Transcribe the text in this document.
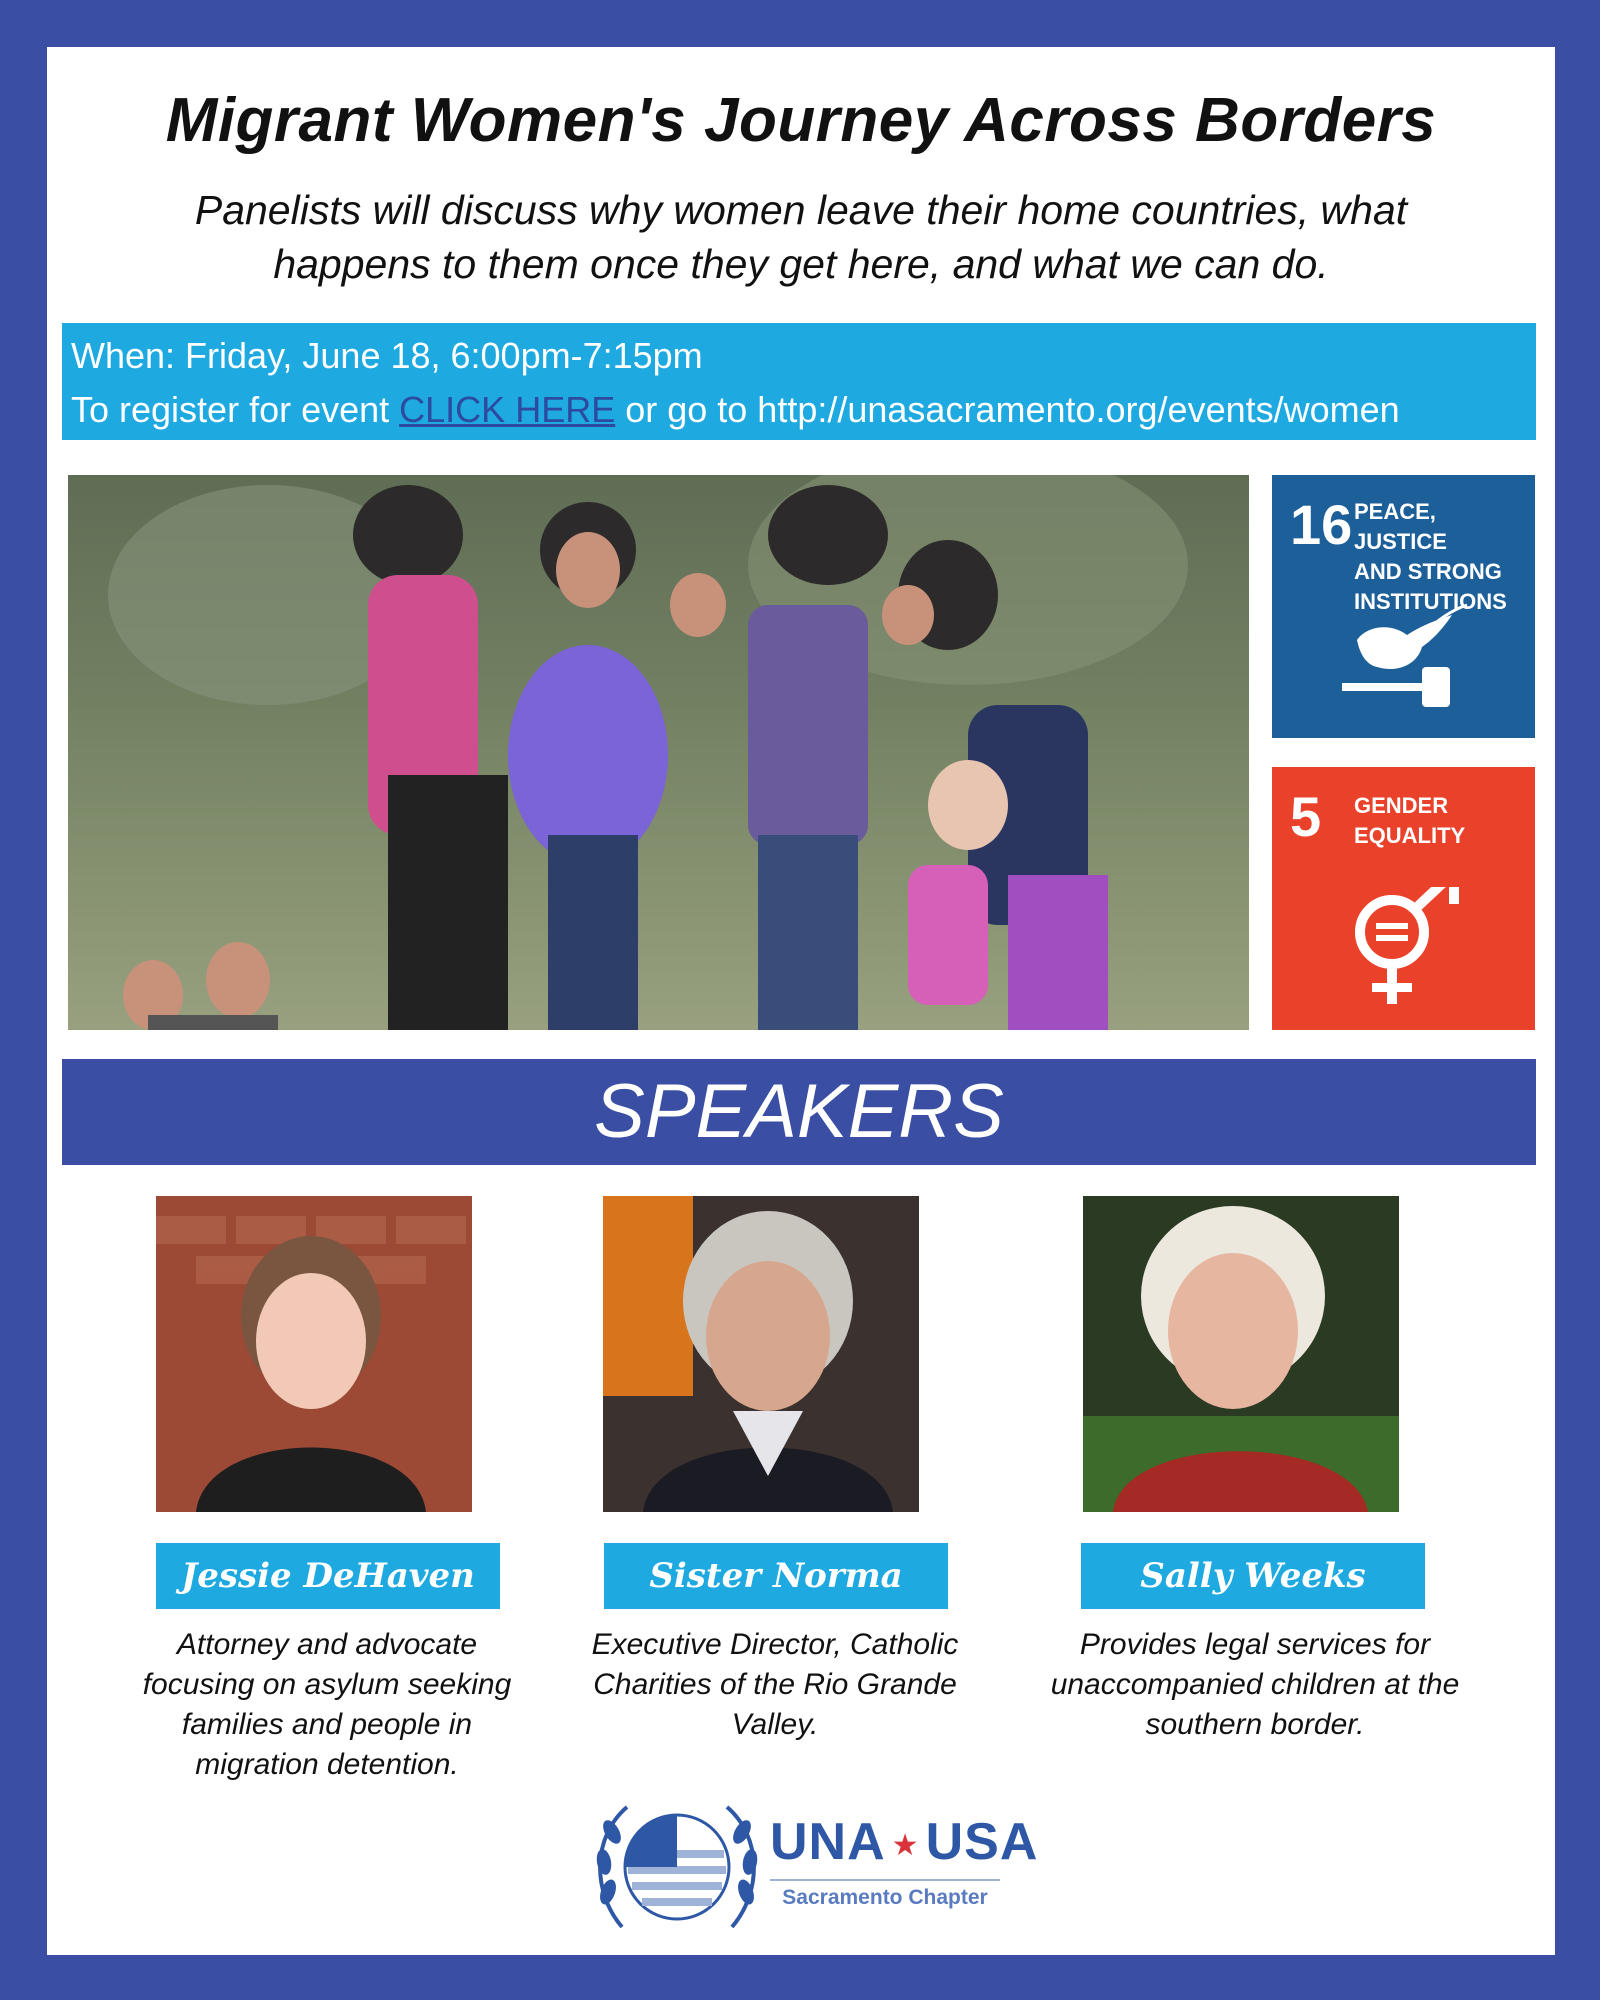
Migrant Women's Journey Across Borders
Panelists will discuss why women leave their home countries, what happens to them once they get here, and what we can do.
When: Friday, June 18, 6:00pm-7:15pm
To register for event CLICK HERE or go to http://unasacramento.org/events/women
16 PEACE, JUSTICE
AND STRONG
INSTITUTIONS
5 GENDER
EQUALITY
SPEAKERS
Jessie DeHaven	Sister Norma	Sally Weeks
Attorney and advocate focusing on asylum seeking families and people in migration detention.
Executive Director, Catholic Charities of the Rio Grande Valley.
Provides legal services for unaccompanied children at the southern border.
UNA ★ USA
Sacramento Chapter
